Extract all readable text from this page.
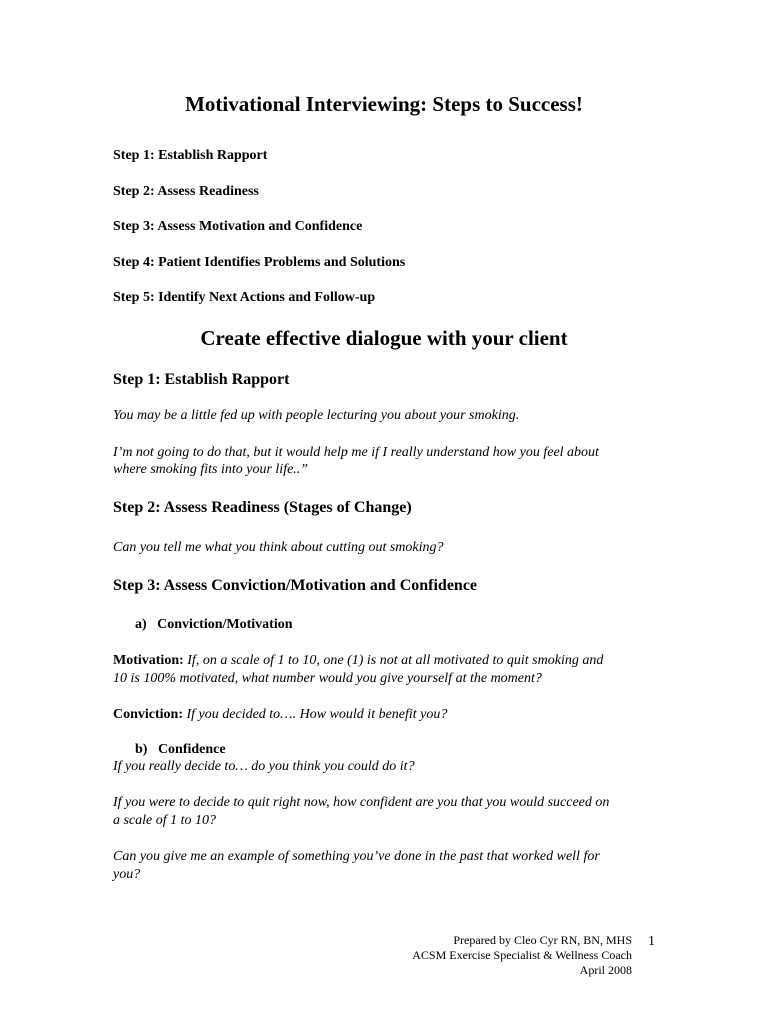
Motivational Interviewing: Steps to Success!

Step 1: Establish Rapport

Step 2: Assess Readiness

Step 3: Assess Motivation and Confidence

Step 4: Patient Identifies Problems and Solutions

Step 5: Identify Next Actions and Follow-up

Create effective dialogue with your client
Step 1: Establish Rapport

You may be a little fed up with people lecturing you about your smoking.

I’m not going to do that, but it would help me if I really understand how you feel about

where smoking fits into your life..”

Step 2: Assess Readiness (Stages of Change)

Can you tell me what you think about cutting out smoking?

Step 3: Assess Conviction/Motivation and Confidence

a)  Conviction/Motivation

Motivation: If, on a scale of 1 to 10, one (1) is not at all motivated to quit smoking and

10 is 100% motivated, what number would you give yourself at the moment?

Conviction: If you decided to…. How would it benefit you?

b)  Confidence

If you really decide to… do you think you could do it?

If you were to decide to quit right now, how confident are you that you would succeed on

a scale of 1 to 10?

Can you give me an example of something you’ve done in the past that worked well for

you?

Prepared by Cleo Cyr RN, BN, MHS

ACSM Exercise Specialist & Wellness Coach

April 2008

1
